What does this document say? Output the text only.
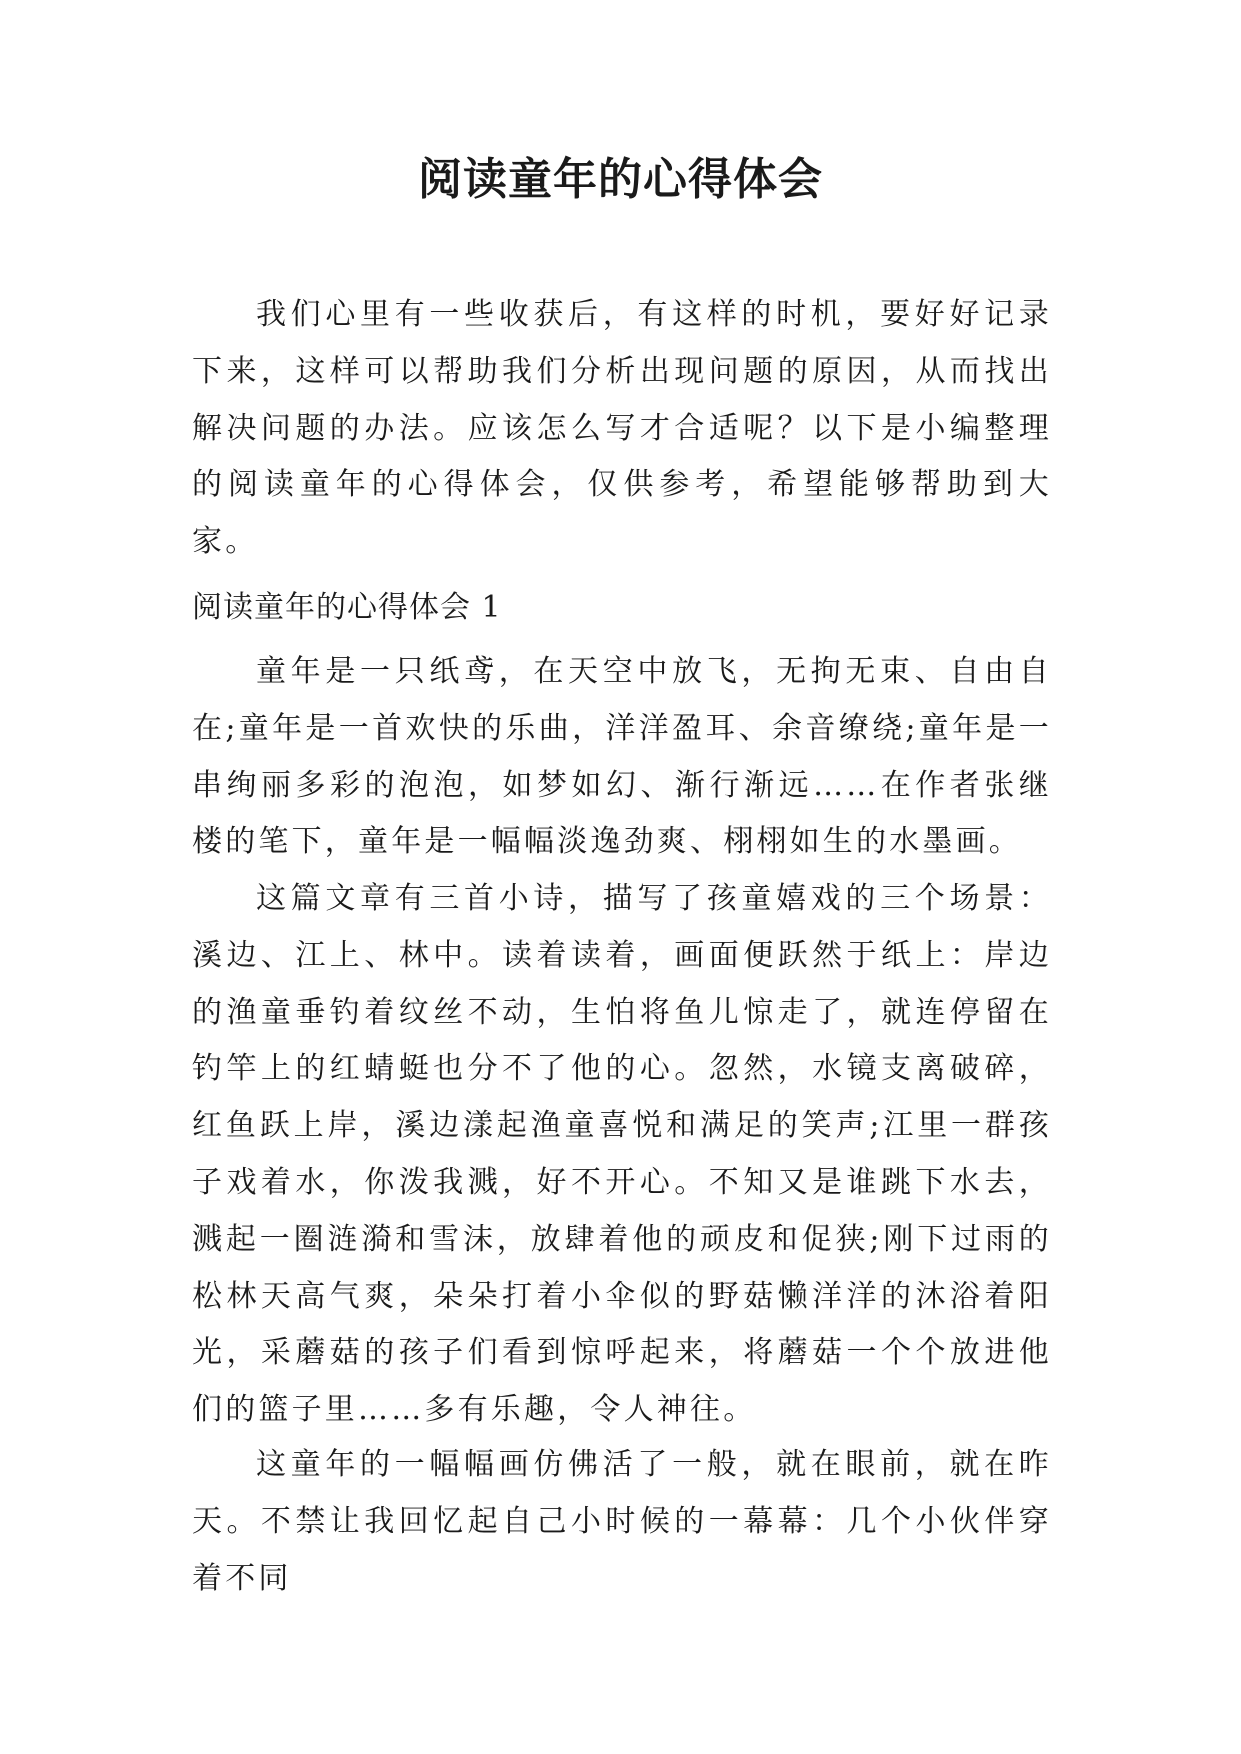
阅读童年的心得体会

我们心里有一些收获后，有这样的时机，要好好记录下来，这样可以帮助我们分析出现问题的原因，从而找出解决问题的办法。应该怎么写才合适呢？以下是小编整理的阅读童年的心得体会，仅供参考，希望能够帮助到大家。

阅读童年的心得体会 1

童年是一只纸鸢，在天空中放飞，无拘无束、自由自在;童年是一首欢快的乐曲，洋洋盈耳、余音缭绕;童年是一串绚丽多彩的泡泡，如梦如幻、渐行渐远……在作者张继楼的笔下，童年是一幅幅淡逸劲爽、栩栩如生的水墨画。

这篇文章有三首小诗，描写了孩童嬉戏的三个场景：溪边、江上、林中。读着读着，画面便跃然于纸上：岸边的渔童垂钓着纹丝不动，生怕将鱼儿惊走了，就连停留在钓竿上的红蜻蜓也分不了他的心。忽然，水镜支离破碎，红鱼跃上岸，溪边漾起渔童喜悦和满足的笑声;江里一群孩子戏着水，你泼我溅，好不开心。不知又是谁跳下水去，溅起一圈涟漪和雪沫，放肆着他的顽皮和促狭;刚下过雨的松林天高气爽，朵朵打着小伞似的野菇懒洋洋的沐浴着阳光，采蘑菇的孩子们看到惊呼起来，将蘑菇一个个放进他们的篮子里……多有乐趣，令人神往。

这童年的一幅幅画仿佛活了一般，就在眼前，就在昨天。不禁让我回忆起自己小时候的一幕幕：几个小伙伴穿着不同
